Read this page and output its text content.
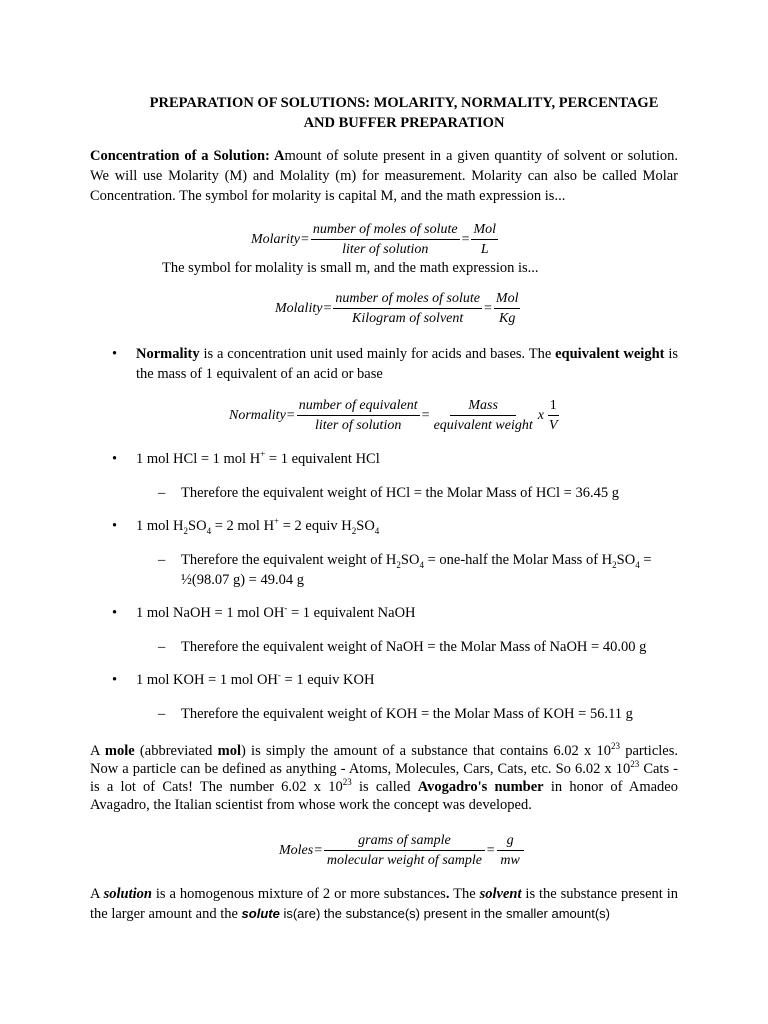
PREPARATION OF SOLUTIONS: MOLARITY, NORMALITY, PERCENTAGE
AND BUFFER PREPARATION
Concentration of a Solution: Amount of solute present in a given quantity of solvent or solution. We will use Molarity (M) and Molality (m) for measurement. Molarity can also be called Molar Concentration. The symbol for molarity is capital M, and the math expression is...
Molarity = $\frac{\text{number of moles of solute}}{\text{liter of solution}} = \frac{\text{Mol}}{L}$
The symbol for molality is small m, and the math expression is...
Molality = $\frac{\text{number of moles of solute}}{\text{Kilogram of solvent}} = \frac{\text{Mol}}{Kg}$
• Normality is a concentration unit used mainly for acids and bases. The equivalent weight is the mass of 1 equivalent of an acid or base
Normality = $\frac{\text{number of equivalent}}{\text{liter of solution}} = \frac{\text{Mass}}{\text{equivalent weight}}$ x $\frac{1}{V}$
• 1 mol HCl = 1 mol H+ = 1 equivalent HCl
– Therefore the equivalent weight of HCl = the Molar Mass of HCl = 36.45 g
• 1 mol $H_2SO_4 = 2$ mol H+ = 2 equiv $H_2SO_4$
– Therefore the equivalent weight of $H_2SO_4$ = one-half the Molar Mass of $H_2SO_4$ =
½(98.07 g) = 49.04 g
• 1 mol NaOH = 1 mol OH- = 1 equivalent NaOH
– Therefore the equivalent weight of NaOH = the Molar Mass of NaOH = 40.00 g
• 1 mol KOH = 1 mol OH- = 1 equiv KOH
– Therefore the equivalent weight of KOH = the Molar Mass of KOH = 56.11 g
A mole (abbreviated mol) is simply the amount of a substance that contains 6.02 x $10^{23}$ particles. Now a particle can be defined as anything - Atoms, Molecules, Cars, Cats, etc. So 6.02 x $10^{23}$ Cats - is a lot of Cats! The number 6.02 x $10^{23}$ is called Avogadro's number in honor of Amadeo Avagadro, the Italian scientist from whose work the concept was developed.
Moles = $\frac{\text{grams of sample}}{\text{molecular weight of sample}} = \frac{g}{mw}$
A solution is a homogenous mixture of 2 or more substances. The solvent is the substance present in the larger amount and the solute is(are) the substance(s) present in the smaller amount(s)
